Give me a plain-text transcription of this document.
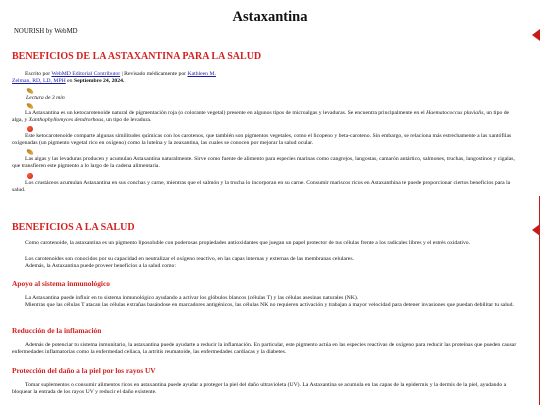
Astaxantina
NOURISH by WebMD
BENEFICIOS DE LA ASTAXANTINA PARA LA SALUD
Escrito por WebMD Editorial Contributor | Revisado médicamente por Kathleen M.
Zelman, RD, LD, MPH en Septiembre 24, 2024.
Lectura de 3 min
La Astaxantina es un ketocarotenoide natural de pigmentación roja (o colorante vegetal) presente en algunos tipos de microalgas y levaduras. Se encuentra principalmente en el Haematococcus pluvialis, un tipo de alga, y Xanthophyllomyces dendrorhous, un tipo de levadura.
Este ketocarotenoide comparte algunas similitudes químicas con los carotenos, que también son pigmentos vegetales, como el licopeno y beta-caroteno. Sin embargo, se relaciona más estrechamente a las xantófilas oxigenadas (un pigmento vegetal rico en oxígeno) como la luteína y la zeaxantina, las cuales se conocen por mejorar la salud ocular.
Las algas y las levaduras producen y acumulan Astaxantina naturalmente. Sirve como fuente de alimento para especies marinas como cangrejos, langostas, camarón antártico, salmones, truchas, langostinos y cigalas, que transfieren este pigmento a lo largo de la cadena alimentaria.
Los crustáceos acumulan Astaxantina en sus conchas y carne, mientras que el salmón y la trucha lo incorporan en su carne. Consumir mariscos ricos en Astaxanthina te puede proporcionar ciertos beneficios para la salud.
BENEFICIOS A LA SALUD
Como carotenoide, la astaxantina es un pigmento liposoluble con poderosas propiedades antioxidantes que juegan un papel protector de tus células frente a los radicales libres y el estrés oxidativo.
Los carotenoides son conocidos por su capacidad en neutralizar el oxígeno reactivo, en las capas internas y externas de las membranas celulares.
Además, la Astaxantina puede proveer beneficios a la salud como:
Apoyo al sistema inmunológico
La Astaxantina puede influir en tu sistema inmunológico ayudando a activar los glóbulos blancos (células T) y las células asesinas naturales (NK).
Mientras que las células T atacan las células extrañas basándose en marcadores antigénicos, las células NK no requieren activación y trabajan a mayor velocidad para detener invasiones que puedan debilitar tu salud.
Reducción de la inflamación
Además de potenciar tu sistema inmunitario, la astaxantina puede ayudarte a reducir la inflamación. En particular, este pigmento actúa en las especies reactivas de oxígeno para reducir las proteínas que pueden causar enfermedades inflamatorias como la enfermedad celíaca, la artritis reumatoide, las enfermedades cardíacas y la diabetes.
Protección del daño a la piel por los rayos UV
Tomar suplementos o consumir alimentos ricos en astaxantina puede ayudar a proteger la piel del daño ultravioleta (UV). La Astaxantina se acumula en las capas de la epidermis y la dermis de la piel, ayudando a bloquear la entrada de los rayos UV y reducir el daño existente.
